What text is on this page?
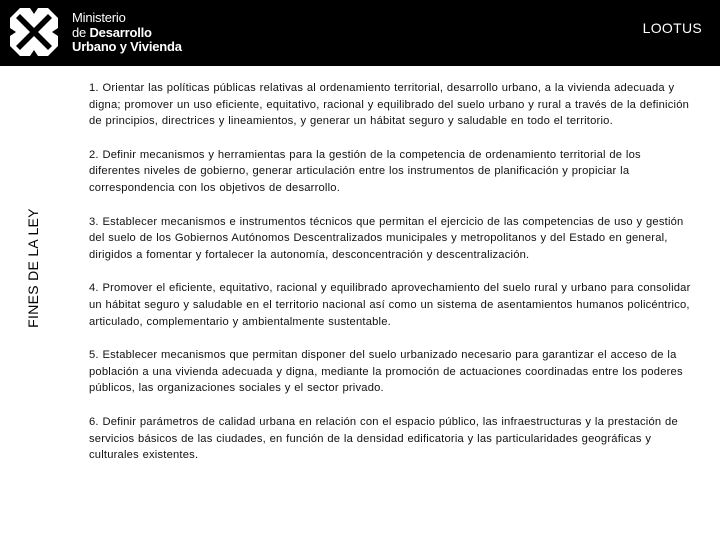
Ministerio
de Desarrollo
Urbano y Vivienda
LOOTUS
FINES DE LA LEY
1. Orientar las políticas públicas relativas al ordenamiento territorial, desarrollo urbano, a la vivienda adecuada y digna; promover un uso eficiente, equitativo, racional y equilibrado del suelo urbano y rural a través de la definición de principios, directrices y lineamientos, y generar un hábitat seguro y saludable en todo el territorio.
2. Definir mecanismos y herramientas para la gestión de la competencia de ordenamiento territorial de los diferentes niveles de gobierno, generar articulación entre los instrumentos de planificación y propiciar la correspondencia con los objetivos de desarrollo.
3. Establecer mecanismos e instrumentos técnicos que permitan el ejercicio de las competencias de uso y gestión del suelo de los Gobiernos Autónomos Descentralizados municipales y metropolitanos y del Estado en general, dirigidos a fomentar y fortalecer la autonomía, desconcentración y descentralización.
4. Promover el eficiente, equitativo, racional y equilibrado aprovechamiento del suelo rural y urbano para consolidar un hábitat seguro y saludable en el territorio nacional así como un sistema de asentamientos humanos policéntrico, articulado, complementario y ambientalmente sustentable.
5. Establecer mecanismos que permitan disponer del suelo urbanizado necesario para garantizar el acceso de la población a una vivienda adecuada y digna, mediante la promoción de actuaciones coordinadas entre los poderes públicos, las organizaciones sociales y el sector privado.
6. Definir parámetros de calidad urbana en relación con el espacio público, las infraestructuras y la prestación de servicios básicos de las ciudades, en función de la densidad edificatoria y las particularidades geográficas y culturales existentes.
